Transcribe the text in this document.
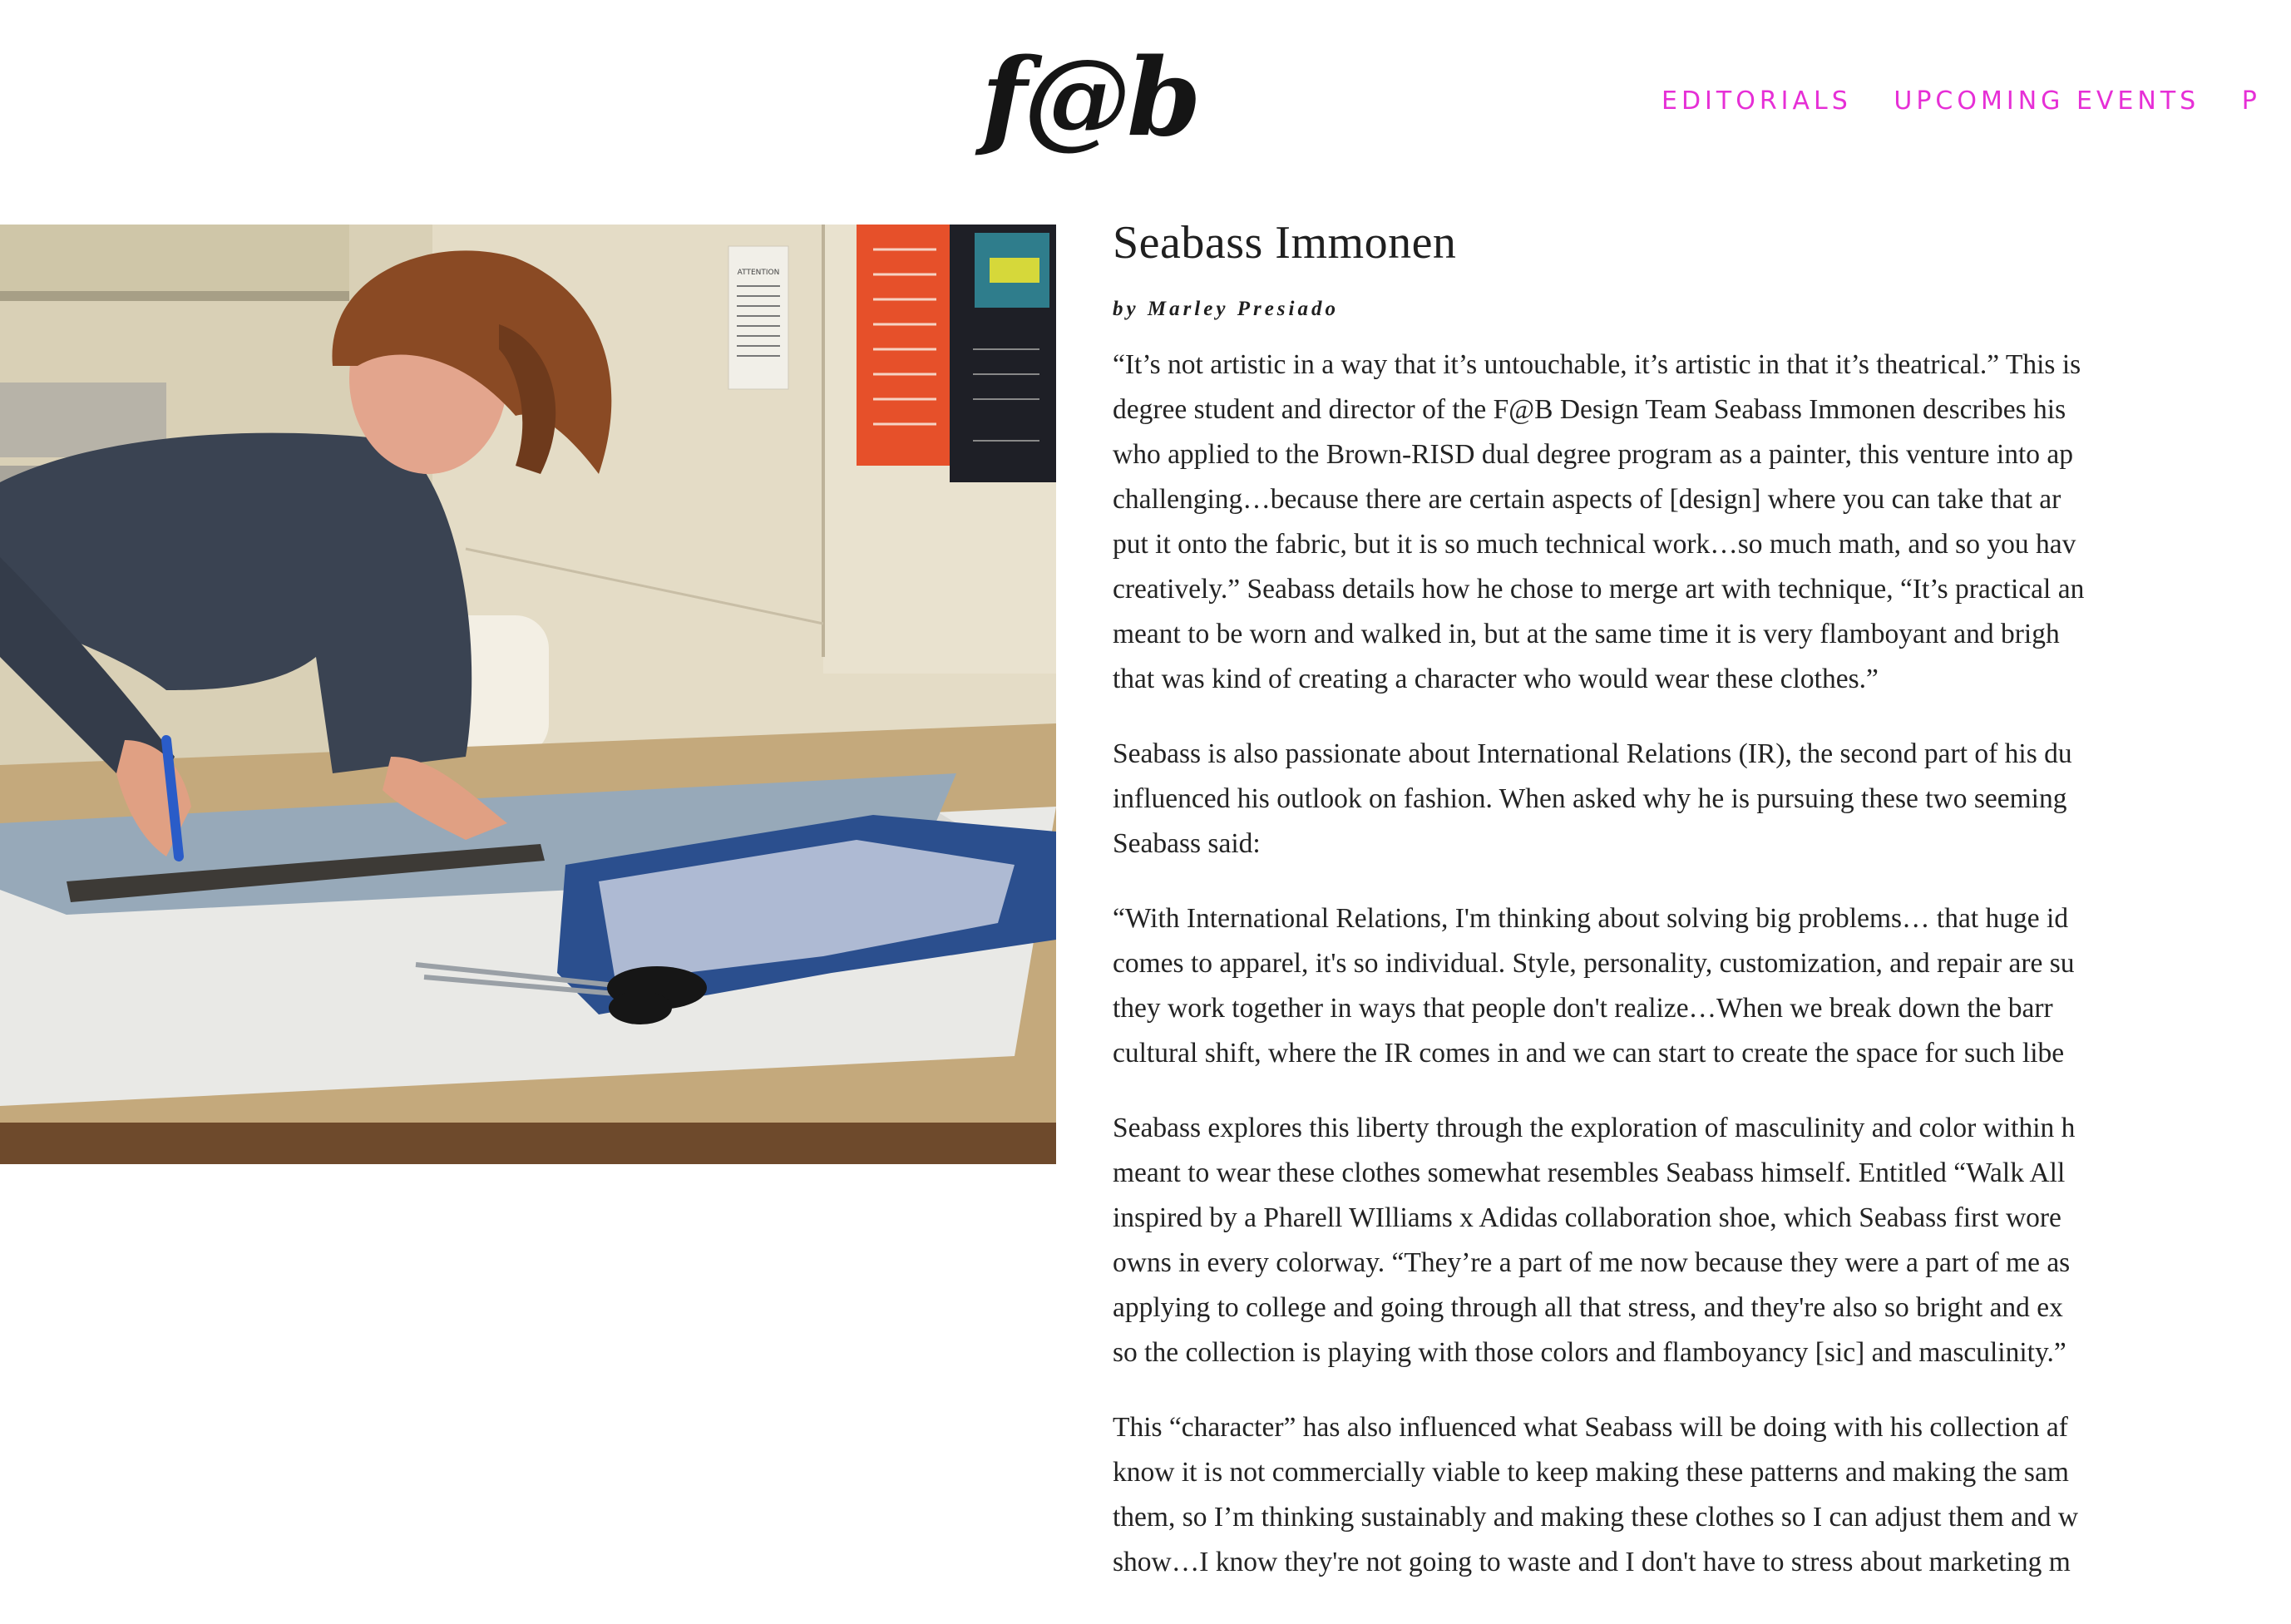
f@b	EDITORIALS UPCOMING EVENTS P
ATTENTION
Seabass Immonen
by Marley Presiado

“It’s not artistic in a way that it’s untouchable, it’s artistic in that it’s theatrical.” This is
degree student and director of the F@B Design Team Seabass Immonen describes his
who applied to the Brown-RISD dual degree program as a painter, this venture into ap
challenging…because there are certain aspects of [design] where you can take that ar
put it onto the fabric, but it is so much technical work…so much math, and so you hav
creatively.” Seabass details how he chose to merge art with technique, “It’s practical an
meant to be worn and walked in, but at the same time it is very flamboyant and brigh
that was kind of creating a character who would wear these clothes.”

Seabass is also passionate about International Relations (IR), the second part of his du
influenced his outlook on fashion. When asked why he is pursuing these two seeming
Seabass said:

“With International Relations, I'm thinking about solving big problems… that huge id
comes to apparel, it's so individual. Style, personality, customization, and repair are su
they work together in ways that people don't realize…When we break down the barr
cultural shift, where the IR comes in and we can start to create the space for such libe

Seabass explores this liberty through the exploration of masculinity and color within h
meant to wear these clothes somewhat resembles Seabass himself. Entitled “Walk All
inspired by a Pharell WIlliams x Adidas collaboration shoe, which Seabass first wore
owns in every colorway. “They’re a part of me now because they were a part of me as
applying to college and going through all that stress, and they're also so bright and ex
so the collection is playing with those colors and flamboyancy [sic] and masculinity.”

This “character” has also influenced what Seabass will be doing with his collection af
know it is not commercially viable to keep making these patterns and making the sam
them, so I’m thinking sustainably and making these clothes so I can adjust them and w
show…I know they're not going to waste and I don't have to stress about marketing m
